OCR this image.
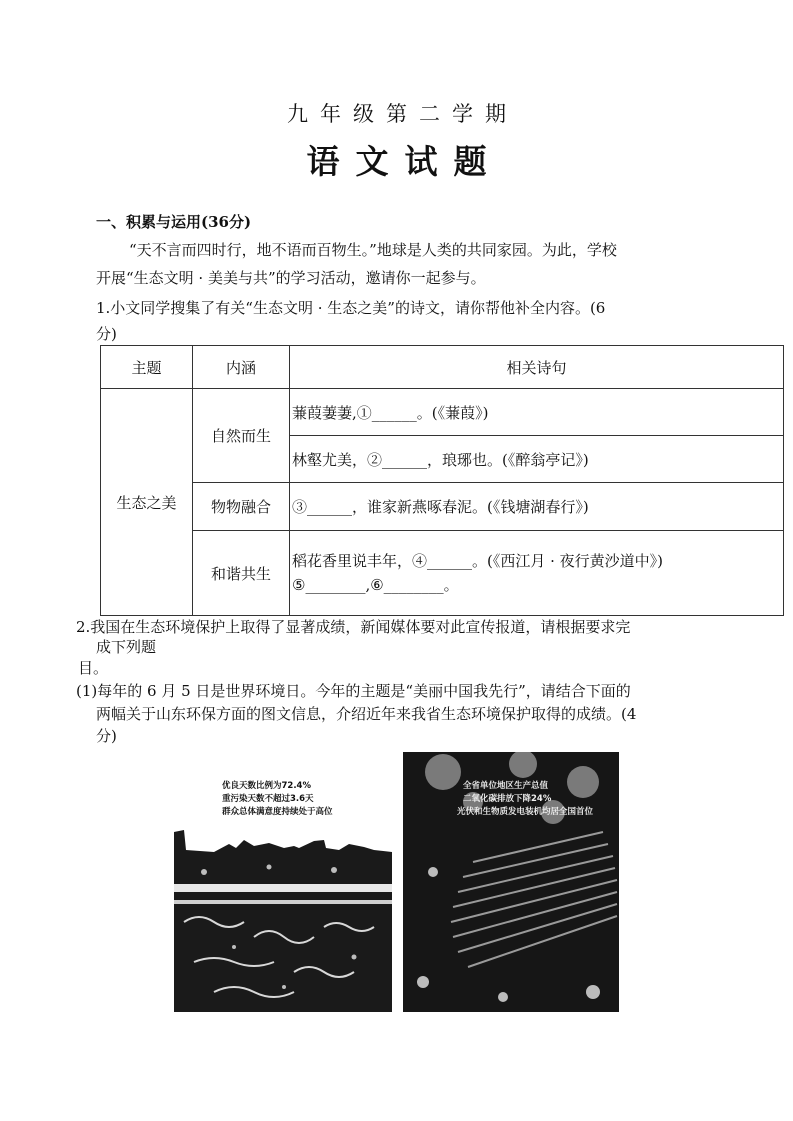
九年级第二学期
语文试题
一、积累与运用(36分)
“天不言而四时行，地不语而百物生。”地球是人类的共同家园。为此，学校
开展“生态文明 · 美美与共”的学习活动，邀请你一起参与。
1.小文同学搜集了有关“生态文明 · 生态之美”的诗文，请你帮他补全内容。(6
分)
主题	内涵	相关诗句
生态之美	自然而生	蒹葭萋萋,①______。(《蒹葭》)
		林壑尤美，②______，琅琊也。(《醉翁亭记》)
	物物融合	③______，谁家新燕啄春泥。(《钱塘湖春行》)
	和谐共生	稻花香里说丰年，④______。(《西江月 · 夜行黄沙道中》)
⑤________,⑥________。
2.我国在生态环境保护上取得了显著成绩，新闻媒体要对此宣传报道，请根据要求完
成下列题
目。
(1)每年的 6 月 5 日是世界环境日。今年的主题是“美丽中国我先行”，请结合下面的
两幅关于山东环保方面的图文信息，介绍近年来我省生态环境保护取得的成绩。(4
分)
优良天数比例为72.4%
重污染天数不超过3.6天
群众总体满意度持续处于高位
全省单位地区生产总值
二氧化碳排放下降24%
光伏和生物质发电装机均居全国首位
